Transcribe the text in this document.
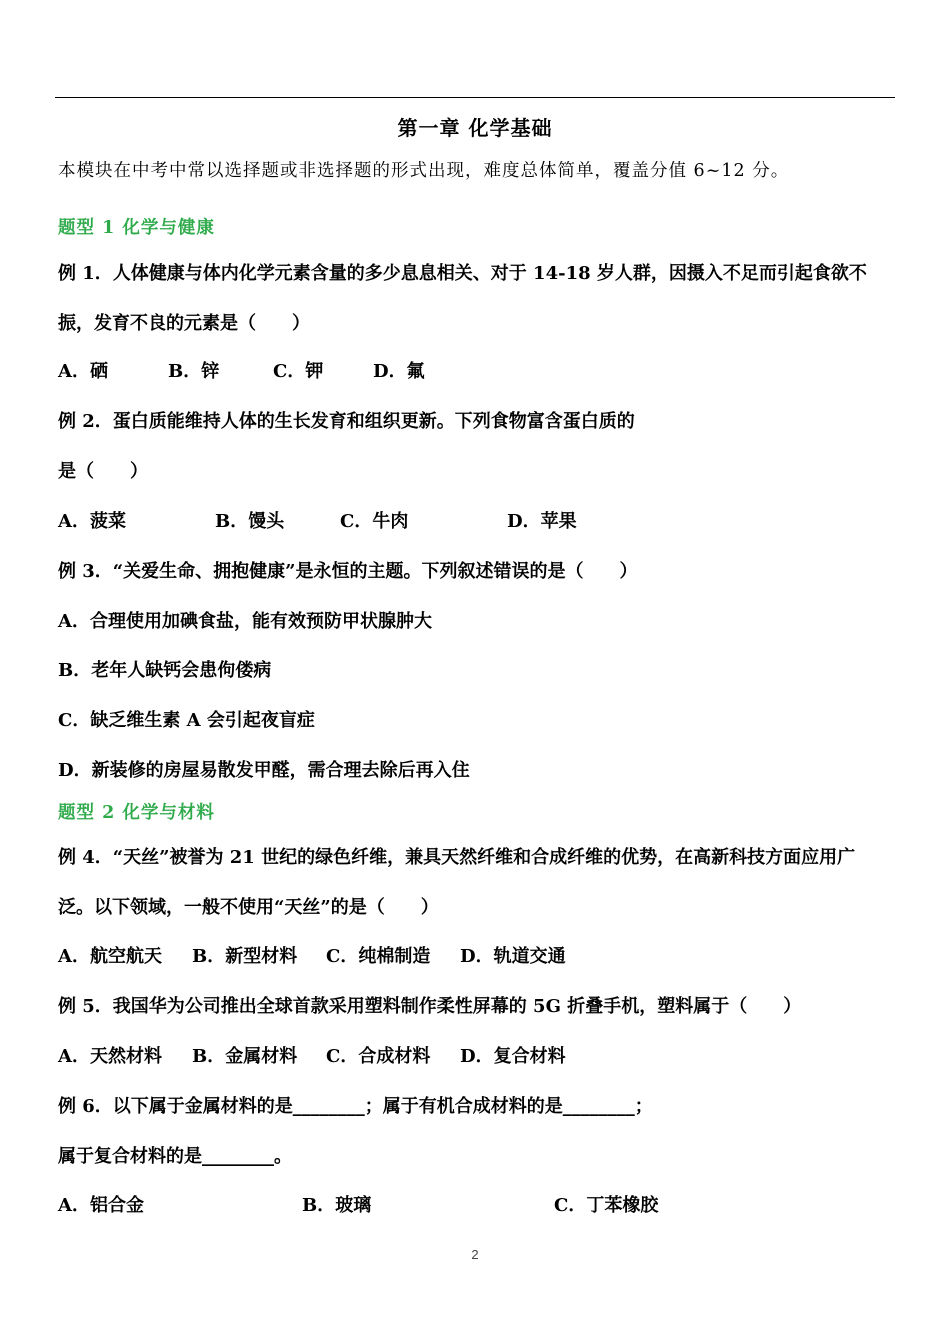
第一章 化学基础
本模块在中考中常以选择题或非选择题的形式出现，难度总体简单，覆盖分值 6~12 分。
题型 1 化学与健康
例 1．人体健康与体内化学元素含量的多少息息相关、对于 14-18 岁人群，因摄入不足而引起食欲不
振，发育不良的元素是（　　）
A．硒	B．锌	C．钾	D．氟
例 2．蛋白质能维持人体的生长发育和组织更新。下列食物富含蛋白质的
是（　　）
A．菠菜	B．馒头	C．牛肉	D．苹果
例 3．“关爱生命、拥抱健康”是永恒的主题。下列叙述错误的是（　　）
A．合理使用加碘食盐，能有效预防甲状腺肿大
B．老年人缺钙会患佝偻病
C．缺乏维生素 A 会引起夜盲症
D．新装修的房屋易散发甲醛，需合理去除后再入住
题型 2 化学与材料
例 4．“天丝”被誉为 21 世纪的绿色纤维，兼具天然纤维和合成纤维的优势，在高新科技方面应用广
泛。以下领域，一般不使用“天丝”的是（　　）
A．航空航天 B．新型材料 C．纯棉制造 D．轨道交通
例 5．我国华为公司推出全球首款采用塑料制作柔性屏幕的 5G 折叠手机，塑料属于（　　）
A．天然材料 B．金属材料 C．合成材料 D．复合材料
例 6．以下属于金属材料的是________；属于有机合成材料的是________；
属于复合材料的是________。
A．铝合金	B．玻璃	C．丁苯橡胶
2
